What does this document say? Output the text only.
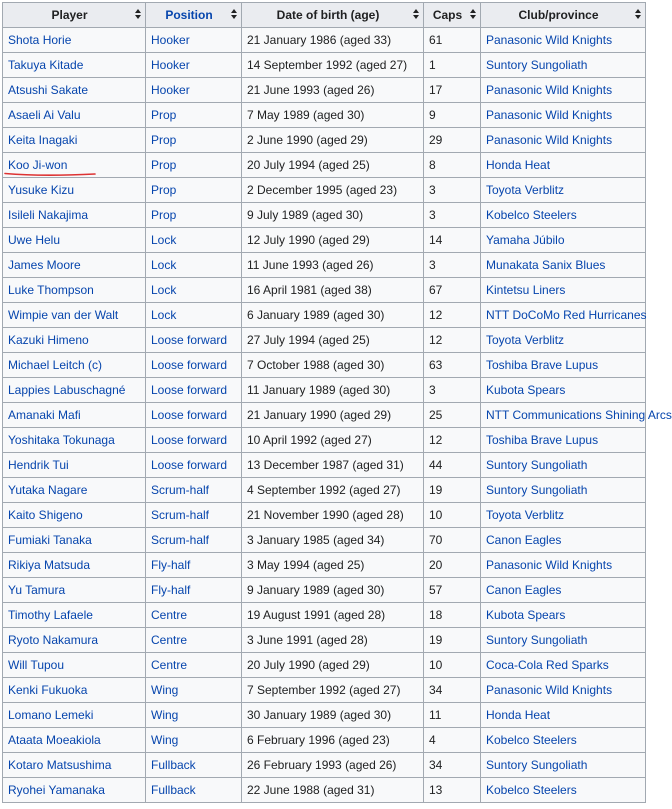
Player	Position	Date of birth (age)	Caps	Club/province

Shota Horie	Hooker	21 January 1986 (aged 33)	61	Panasonic Wild Knights
Takuya Kitade	Hooker	14 September 1992 (aged 27)	1	Suntory Sungoliath
Atsushi Sakate	Hooker	21 June 1993 (aged 26)	17	Panasonic Wild Knights
Asaeli Ai Valu	Prop	7 May 1989 (aged 30)	9	Panasonic Wild Knights
Keita Inagaki	Prop	2 June 1990 (aged 29)	29	Panasonic Wild Knights
Koo Ji-won	Prop	20 July 1994 (aged 25)	8	Honda Heat
Yusuke Kizu	Prop	2 December 1995 (aged 23)	3	Toyota Verblitz
Isileli Nakajima	Prop	9 July 1989 (aged 30)	3	Kobelco Steelers
Uwe Helu	Lock	12 July 1990 (aged 29)	14	Yamaha Júbilo
James Moore	Lock	11 June 1993 (aged 26)	3	Munakata Sanix Blues
Luke Thompson	Lock	16 April 1981 (aged 38)	67	Kintetsu Liners
Wimpie van der Walt	Lock	6 January 1989 (aged 30)	12	NTT DoCoMo Red Hurricanes
Kazuki Himeno	Loose forward	27 July 1994 (aged 25)	12	Toyota Verblitz
Michael Leitch (c)	Loose forward	7 October 1988 (aged 30)	63	Toshiba Brave Lupus
Lappies Labuschagné	Loose forward	11 January 1989 (aged 30)	3	Kubota Spears
Amanaki Mafi	Loose forward	21 January 1990 (aged 29)	25	NTT Communications Shining Arcs
Yoshitaka Tokunaga	Loose forward	10 April 1992 (aged 27)	12	Toshiba Brave Lupus
Hendrik Tui	Loose forward	13 December 1987 (aged 31)	44	Suntory Sungoliath
Yutaka Nagare	Scrum-half	4 September 1992 (aged 27)	19	Suntory Sungoliath
Kaito Shigeno	Scrum-half	21 November 1990 (aged 28)	10	Toyota Verblitz
Fumiaki Tanaka	Scrum-half	3 January 1985 (aged 34)	70	Canon Eagles
Rikiya Matsuda	Fly-half	3 May 1994 (aged 25)	20	Panasonic Wild Knights
Yu Tamura	Fly-half	9 January 1989 (aged 30)	57	Canon Eagles
Timothy Lafaele	Centre	19 August 1991 (aged 28)	18	Kubota Spears
Ryoto Nakamura	Centre	3 June 1991 (aged 28)	19	Suntory Sungoliath
Will Tupou	Centre	20 July 1990 (aged 29)	10	Coca-Cola Red Sparks
Kenki Fukuoka	Wing	7 September 1992 (aged 27)	34	Panasonic Wild Knights
Lomano Lemeki	Wing	30 January 1989 (aged 30)	11	Honda Heat
Ataata Moeakiola	Wing	6 February 1996 (aged 23)	4	Kobelco Steelers
Kotaro Matsushima	Fullback	26 February 1993 (aged 26)	34	Suntory Sungoliath
Ryohei Yamanaka	Fullback	22 June 1988 (aged 31)	13	Kobelco Steelers
